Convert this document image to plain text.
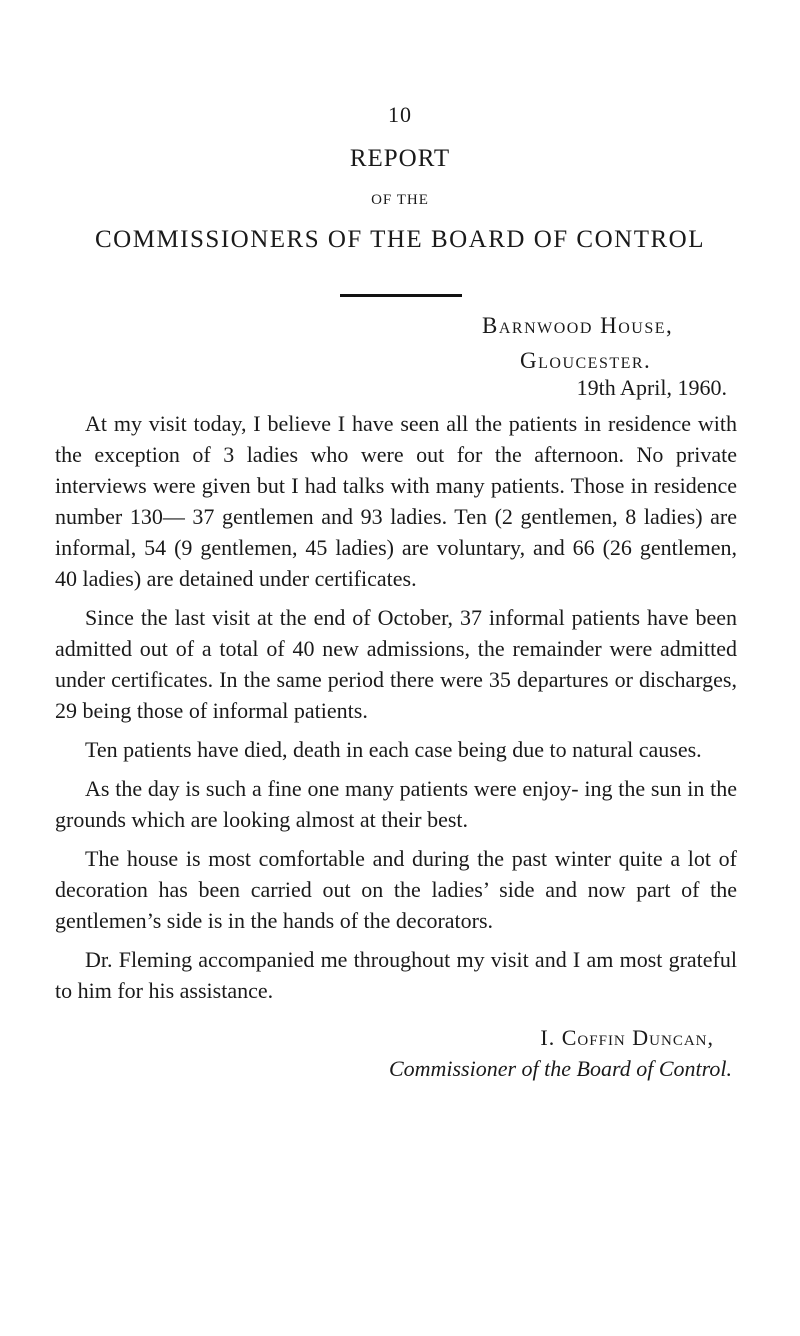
10
REPORT
OF THE
COMMISSIONERS OF THE BOARD OF CONTROL
Barnwood House,
Gloucester.
19th April, 1960.

At my visit today, I believe I have seen all the patients in residence with the exception of 3 ladies who were out for the afternoon. No private interviews were given but I had talks with many patients. Those in residence number 130— 37 gentlemen and 93 ladies. Ten (2 gentlemen, 8 ladies) are informal, 54 (9 gentlemen, 45 ladies) are voluntary, and 66 (26 gentlemen, 40 ladies) are detained under certificates.

Since the last visit at the end of October, 37 informal patients have been admitted out of a total of 40 new admissions, the remainder were admitted under certificates. In the same period there were 35 departures or discharges, 29 being those of informal patients.

Ten patients have died, death in each case being due to natural causes.

As the day is such a fine one many patients were enjoy- ing the sun in the grounds which are looking almost at their best.

The house is most comfortable and during the past winter quite a lot of decoration has been carried out on the ladies’ side and now part of the gentlemen’s side is in the hands of the decorators.

Dr. Fleming accompanied me throughout my visit and I am most grateful to him for his assistance.

I. Coffin Duncan,
Commissioner of the Board of Control.
